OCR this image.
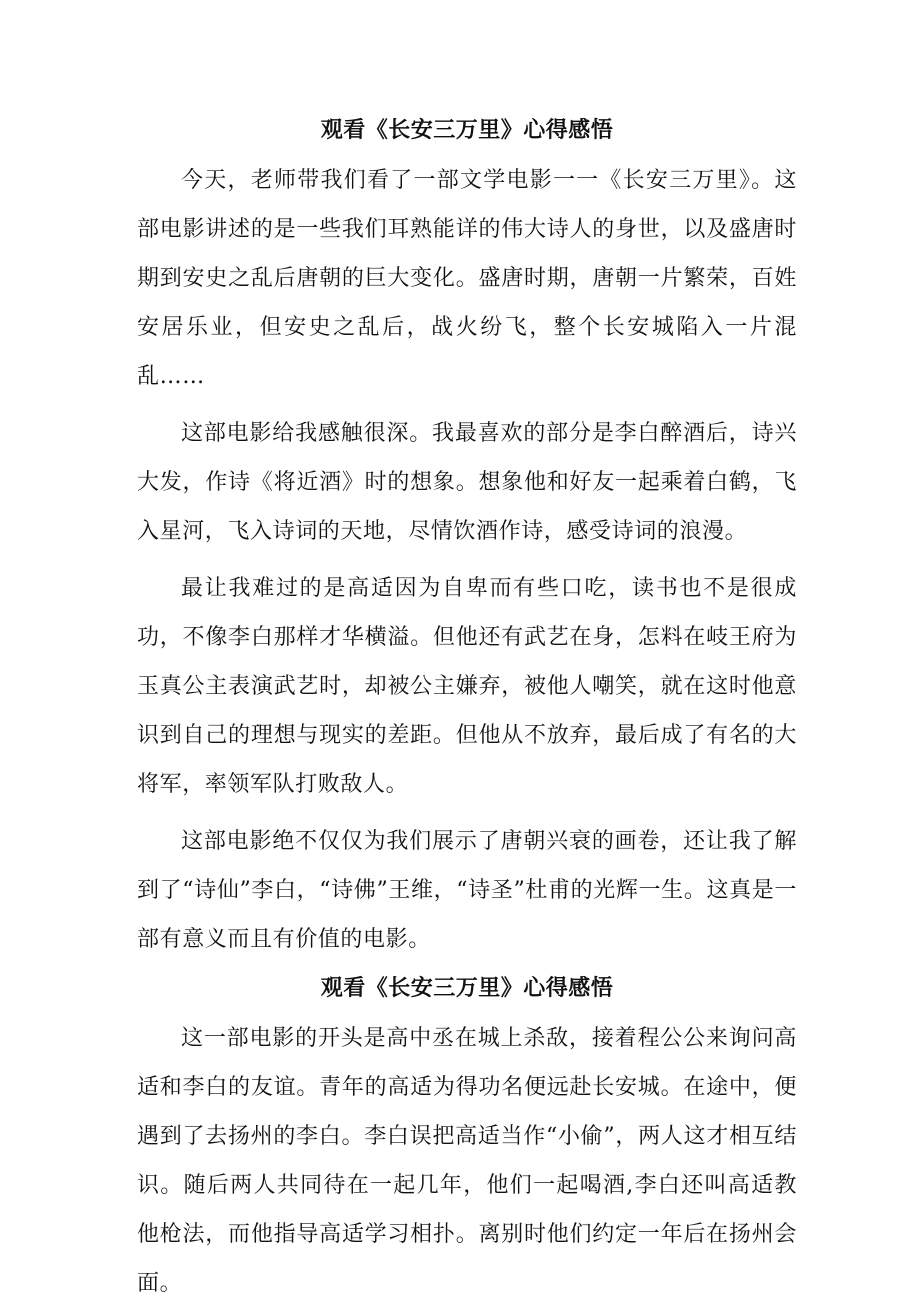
观看《长安三万里》心得感悟

今天，老师带我们看了一部文学电影一一《长安三万里》。这部电影讲述的是一些我们耳熟能详的伟大诗人的身世，以及盛唐时期到安史之乱后唐朝的巨大变化。盛唐时期，唐朝一片繁荣，百姓安居乐业，但安史之乱后，战火纷飞，整个长安城陷入一片混乱……

这部电影给我感触很深。我最喜欢的部分是李白醉酒后，诗兴大发，作诗《将近酒》时的想象。想象他和好友一起乘着白鹤，飞入星河，飞入诗词的天地，尽情饮酒作诗，感受诗词的浪漫。

最让我难过的是高适因为自卑而有些口吃，读书也不是很成功，不像李白那样才华横溢。但他还有武艺在身，怎料在岐王府为玉真公主表演武艺时，却被公主嫌弃，被他人嘲笑，就在这时他意识到自己的理想与现实的差距。但他从不放弃，最后成了有名的大将军，率领军队打败敌人。

这部电影绝不仅仅为我们展示了唐朝兴衰的画卷，还让我了解到了“诗仙”李白，“诗佛”王维，“诗圣”杜甫的光辉一生。这真是一部有意义而且有价值的电影。

观看《长安三万里》心得感悟

这一部电影的开头是高中丞在城上杀敌，接着程公公来询问高适和李白的友谊。青年的高适为得功名便远赴长安城。在途中，便遇到了去扬州的李白。李白误把高适当作“小偷”，两人这才相互结识。随后两人共同待在一起几年，他们一起喝酒,李白还叫高适教他枪法，而他指导高适学习相扑。离别时他们约定一年后在扬州会面。
